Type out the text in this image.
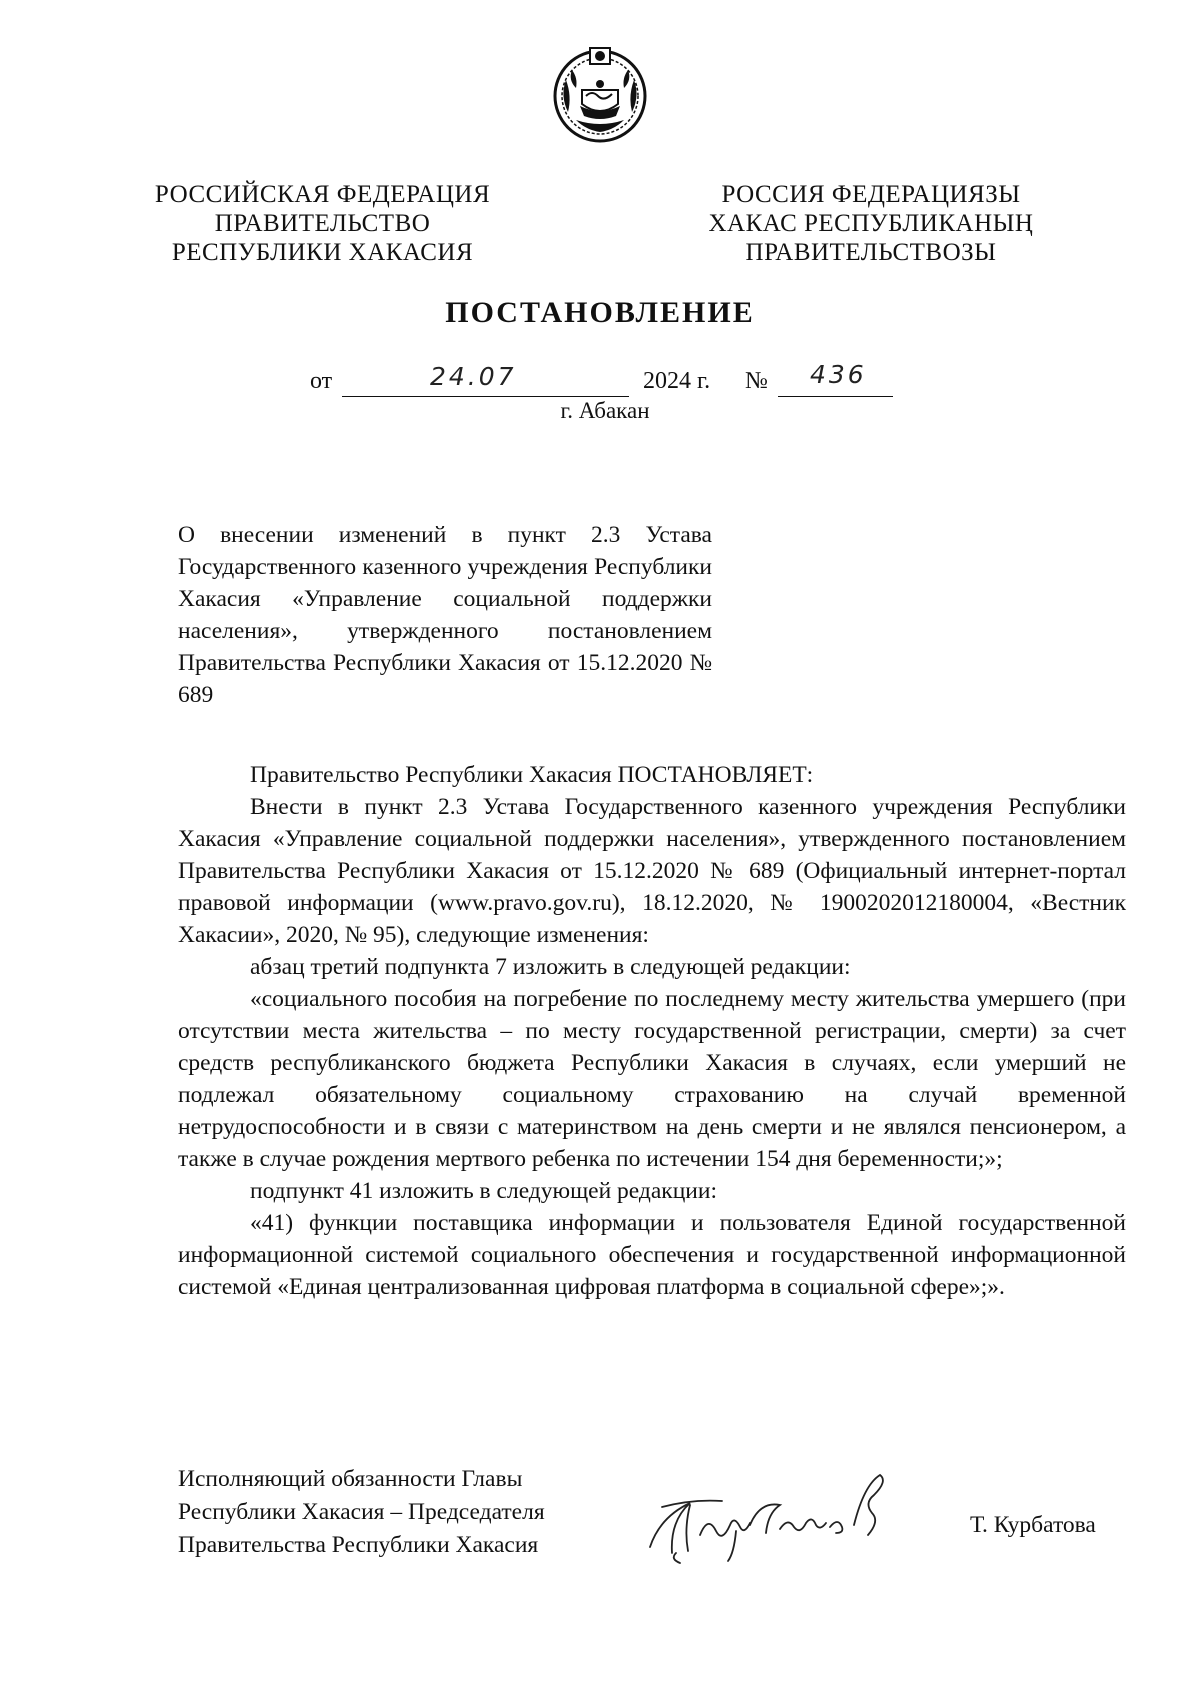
РОССИЙСКАЯ ФЕДЕРАЦИЯ
ПРАВИТЕЛЬСТВО
РЕСПУБЛИКИ ХАКАСИЯ
РОССИЯ ФЕДЕРАЦИЯЗЫ
ХАКАС РЕСПУБЛИКАНЫҢ
ПРАВИТЕЛЬСТВОЗЫ
ПОСТАНОВЛЕНИЕ
от	24.07	2024 г. № 436
г. Абакан
О внесении изменений в пункт 2.3 Устава Государственного казенного учреждения Республики Хакасия «Управление социальной поддержки населения», утвержденного постановлением Правительства Республики Хакасия от 15.12.2020 № 689

Правительство Республики Хакасия ПОСТАНОВЛЯЕТ:

Внести в пункт 2.3 Устава Государственного казенного учреждения Республики Хакасия «Управление социальной поддержки населения», утвержденного постановлением Правительства Республики Хакасия от 15.12.2020 № 689 (Официальный интернет-портал правовой информации (www.pravo.gov.ru), 18.12.2020, № 1900202012180004, «Вестник Хакасии», 2020, № 95), следующие изменения:

абзац третий подпункта 7 изложить в следующей редакции:

«социального пособия на погребение по последнему месту жительства умершего (при отсутствии места жительства – по месту государственной регистрации, смерти) за счет средств республиканского бюджета Республики Хакасия в случаях, если умерший не подлежал обязательному социальному страхованию на случай временной нетрудоспособности и в связи с материнством на день смерти и не являлся пенсионером, а также в случае рождения мертвого ребенка по истечении 154 дня беременности;»;

подпункт 41 изложить в следующей редакции:

«41) функции поставщика информации и пользователя Единой государственной информационной системой социального обеспечения и государственной информационной системой «Единая централизованная цифровая платформа в социальной сфере»;».

Исполняющий обязанности Главы
Республики Хакасия – Председателя
Правительства Республики Хакасия
Т. Курбатова
